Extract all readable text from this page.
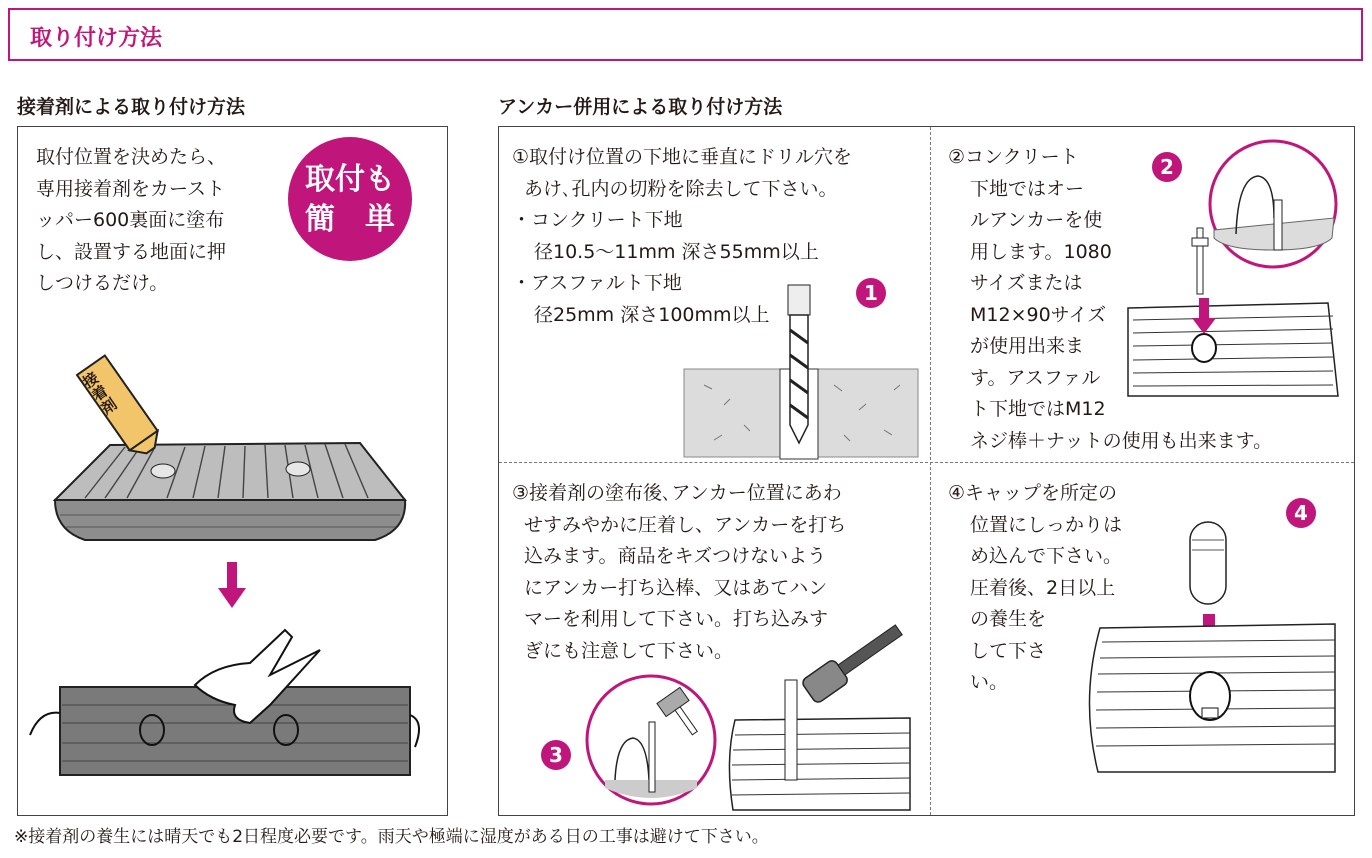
取り付け方法
接着剤による取り付け方法	アンカー併用による取り付け方法
取付位置を決めたら、
専用接着剤をカースト
ッパー600裏面に塗布
し、設置する地面に押
しつけるだけ。
取付も
簡　単
接着剤
①取付け位置の下地に垂直にドリル穴を
あけ､孔内の切粉を除去して下さい。
・コンクリート下地
径10.5～11mm 深さ55mm以上
・アスファルト下地
径25mm 深さ100mm以上
1
②コンクリート
下地ではオー
ルアンカーを使
用します。1080
サイズまたは
M12×90サイズ
が使用出来ま
す。アスファル
ト下地ではM12
ネジ棒＋ナットの使用も出来ます。
2
③接着剤の塗布後､アンカー位置にあわ
せすみやかに圧着し、アンカーを打ち
込みます。商品をキズつけないよう
にアンカー打ち込棒、又はあてハン
マーを利用して下さい。打ち込みす
ぎにも注意して下さい。
3
④キャップを所定の
位置にしっかりは
め込んで下さい。
圧着後、2日以上
の養生を
して下さ
い。
4
※接着剤の養生には晴天でも2日程度必要です。雨天や極端に湿度がある日の工事は避けて下さい。
